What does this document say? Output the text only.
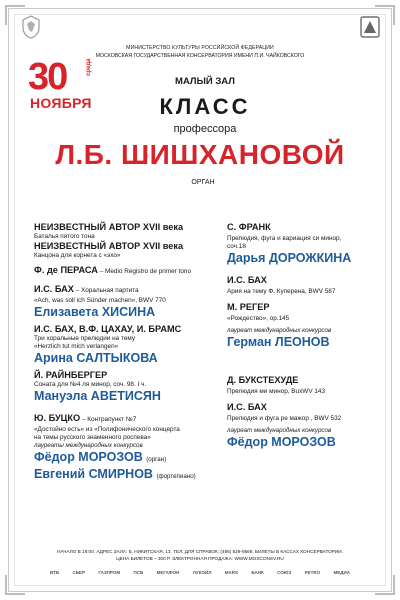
МИНИСТЕРСТВО КУЛЬТУРЫ РОССИЙСКОЙ ФЕДЕРАЦИИ
МОСКОВСКАЯ ГОСУДАРСТВЕННАЯ КОНСЕРВАТОРИЯ ИМЕНИ П.И. ЧАЙКОВСКОГО
30	среда
НОЯБРЯ
МАЛЫЙ ЗАЛ
КЛАСС
профессора
Л.Б. ШИШХАНОВОЙ
ОРГАН

НЕИЗВЕСТНЫЙ АВТОР XVII века

Баталья пятого тона

НЕИЗВЕСТНЫЙ АВТОР XVII века

Канцона для корнета с «эхо»

Ф. де ПЕРАСА – Medio Registro de primer tono
И.С. БАХ – Хоральная партита

«Ach, was soll ich Sünder machen», BWV 770

Елизавета ХИСИНА

И.С. БАХ, В.Ф. ЦАХАУ, И. БРАМС

Три хоральные прелюдии на тему

«Herzlich tut mich verlangen»

Арина САЛТЫКОВА

Й. РАЙНБЕРГЕР

Соната для №4 ля минор, соч. 98. I ч.

Мануэла АВЕТИСЯН

Ю. БУЦКО – Контрапункт №7

«Достойно есть» из «Полифонического концерта

на темы русского знаменного роспева»

лауреаты международных конкурсов

Фёдор МОРОЗОВ (орган)

Евгений СМИРНОВ (фортепиано)

С. ФРАНК

Прелюдия, фуга и вариация си минор,

соч.18

Дарья ДОРОЖКИНА

И.С. БАХ

Ария на тему Ф. Куперена, BWV 587

М. РЕГЕР

«Рождество», ор.145

лауреат международных конкурсов

Герман ЛЕОНОВ

Д. БУКСТЕХУДЕ

Прелюдия ми минор, BuxWV 143

И.С. БАХ

Прелюдия и фуга ре мажор , BWV 532

лауреат международных конкурсов

Фёдор МОРОЗОВ

НАЧАЛО В 19:00. АДРЕС ЗАЛА: Б. НИКИТСКАЯ, 13. ТЕЛ. ДЛЯ СПРАВОК: (495) 629-9568. БИЛЕТЫ В КАССАХ КОНСЕРВАТОРИИ.
ЦЕНА БИЛЕТОВ – 300 Р. ЭЛЕКТРОННАЯ ПРОДАЖА: WWW.MOSCONSV.RU
ВТБ	СБЕР	ГАЗПРОМ	ПСБ	МЕГАФОН	ЛУКОЙЛ	MARS	БАНК	СОЮЗ	PETRO	МЕДИА
